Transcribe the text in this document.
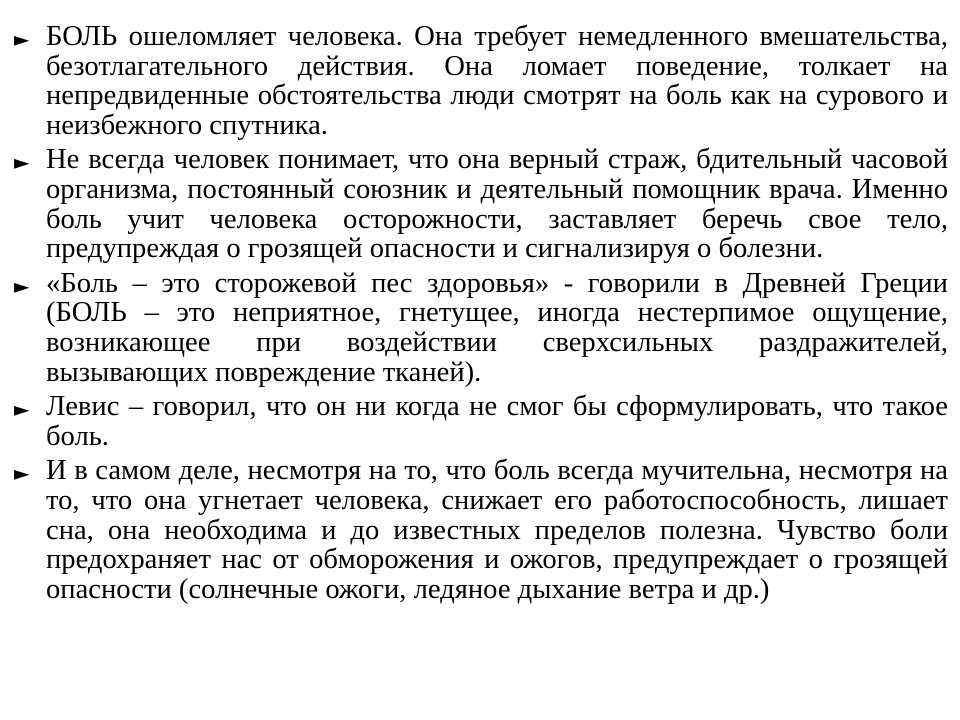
► БОЛЬ ошеломляет человека. Она требует немедленного вмешательства, безотлагательного действия. Она ломает поведение, толкает на непредвиденные обстоятельства люди смотрят на боль как на сурового и неизбежного спутника.
► Не всегда человек понимает, что она верный страж, бдительный часовой организма, постоянный союзник и деятельный помощник врача. Именно боль учит человека осторожности, заставляет беречь свое тело, предупреждая о грозящей опасности и сигнализируя о болезни.
► «Боль – это сторожевой пес здоровья» - говорили в Древней Греции (БОЛЬ – это неприятное, гнетущее, иногда нестерпимое ощущение, возникающее при воздействии сверхсильных раздражителей, вызывающих повреждение тканей).
► Левис – говорил, что он ни когда не смог бы сформулировать, что такое боль.
► И в самом деле, несмотря на то, что боль всегда мучительна, несмотря на то, что она угнетает человека, снижает его работоспособность, лишает сна, она необходима и до известных пределов полезна. Чувство боли предохраняет нас от обморожения и ожогов, предупреждает о грозящей опасности (солнечные ожоги, ледяное дыхание ветра и др.)
